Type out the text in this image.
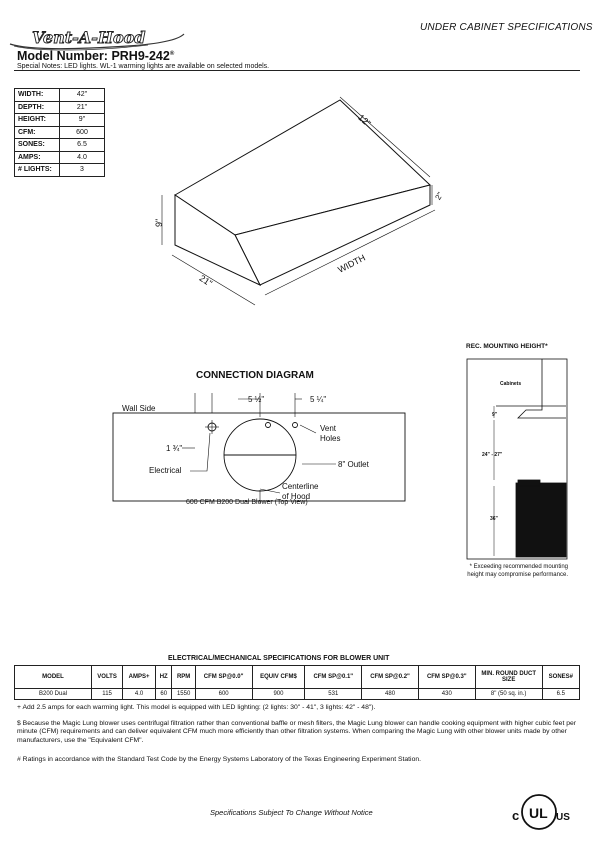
UNDER CABINET SPECIFICATIONS
Vent-A-Hood
Model Number: PRH9-242®
Special Notes: LED lights. WL-1 warming lights are available on selected models.
WIDTH:	42"
DEPTH:	21"
HEIGHT:	9"
CFM:	600
SONES:	6.5
AMPS:	4.0
# LIGHTS:	3
12"
2"
9"
21"
WIDTH
CONNECTION DIAGRAM
5 ½"	5 ¼"
Wall Side
1 ¾"
Vent
Holes
Electrical
8" Outlet
Centerline
of Hood
600 CFM B200 Dual Blower (Top View)
REC. MOUNTING HEIGHT*
Cabinets
9"
24" - 27"
36"
* Exceeding recommended mounting height may compromise performance.
ELECTRICAL/MECHANICAL SPECIFICATIONS FOR BLOWER UNIT
MODEL	VOLTS	AMPS+	HZ	RPM	CFM SP@0.0"	EQUIV CFM$	CFM SP@0.1"	CFM SP@0.2"	CFM SP@0.3"	MIN. ROUND DUCT SIZE	SONES#
B200 Dual	115	4.0	60	1550	600	900	531	480	430	8" (50 sq. in.)	6.5
+ Add 2.5 amps for each warming light. This model is equipped with LED lighting: (2 lights: 30" - 41", 3 lights: 42" - 48").
$ Because the Magic Lung blower uses centrifugal filtration rather than conventional baffle or mesh filters, the Magic Lung blower can handle cooking equipment with higher cubic feet per minute (CFM) requirements and can deliver equivalent CFM much more efficiently than other filtration systems. When comparing the Magic Lung with other blower units made by other manufacturers, use the "Equivalent CFM".
# Ratings in accordance with the Standard Test Code by the Energy Systems Laboratory of the Texas Engineering Experiment Station.
Specifications Subject To Change Without Notice	c UL US
